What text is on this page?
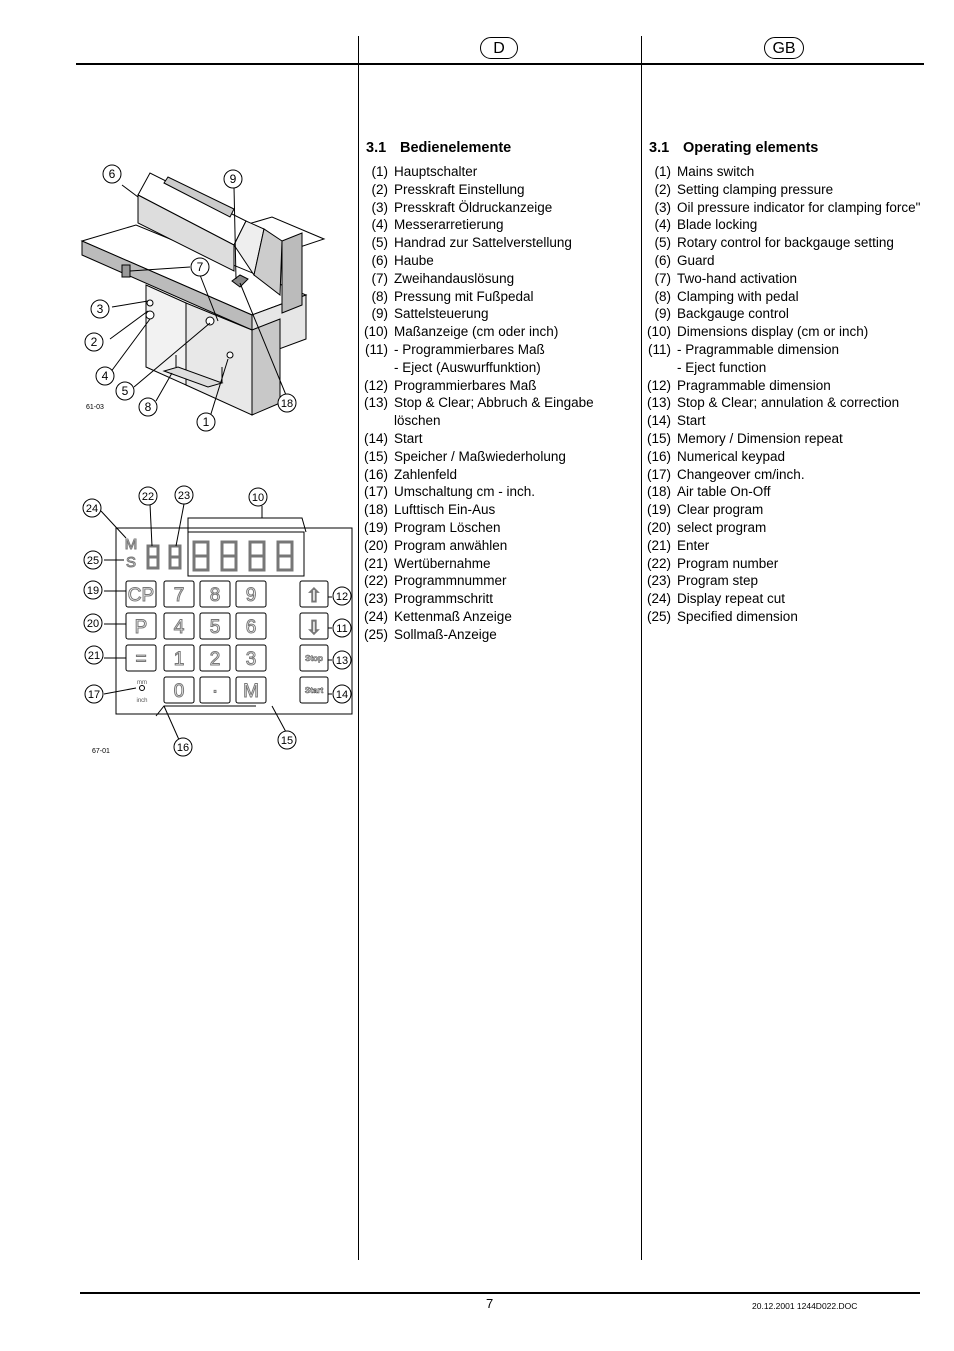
D	GB
6	9
7
3
2
4
5
8
1
18
61-03
M
S
CP 7 8 9	⇧
P 4 5 6	⇩
= 1 2 3
0 · M
Stop
Start
mm
inch
24
22 23	10
25
19	12
20	11
21	13
17	14
16
15
67-01
3.1 Bedienelemente
(1) Hauptschalter
(2) Presskraft Einstellung
(3) Presskraft Öldruckanzeige
(4) Messerarretierung
(5) Handrad zur Sattelverstellung
(6) Haube
(7) Zweihandauslösung
(8) Pressung mit Fußpedal
(9) Sattelsteuerung
(10) Maßanzeige (cm oder inch)
(11) - Programmierbares Maß
- Eject (Auswurffunktion)
(12) Programmierbares Maß
(13) Stop & Clear; Abbruch & Eingabe
löschen
(14) Start
(15) Speicher / Maßwiederholung
(16) Zahlenfeld
(17) Umschaltung cm - inch.
(18) Lufttisch Ein-Aus
(19) Program Löschen
(20) Program anwählen
(21) Wertübernahme
(22) Programmnummer
(23) Programmschritt
(24) Kettenmaß Anzeige
(25) Sollmaß-Anzeige
3.1 Operating elements
(1) Mains switch
(2) Setting clamping pressure
(3) Oil pressure indicator for clamping force"
(4) Blade locking
(5) Rotary control for backgauge setting
(6) Guard
(7) Two-hand activation
(8) Clamping with pedal
(9) Backgauge control
(10) Dimensions display (cm or inch)
(11) - Pragrammable dimension
- Eject function
(12) Pragrammable dimension
(13) Stop & Clear; annulation & correction
(14) Start
(15) Memory / Dimension repeat
(16) Numerical keypad
(17) Changeover cm/inch.
(18) Air table On-Off
(19) Clear program
(20) select program
(21) Enter
(22) Program number
(23) Program step
(24) Display repeat cut
(25) Specified dimension
7	20.12.2001 1244D022.DOC
